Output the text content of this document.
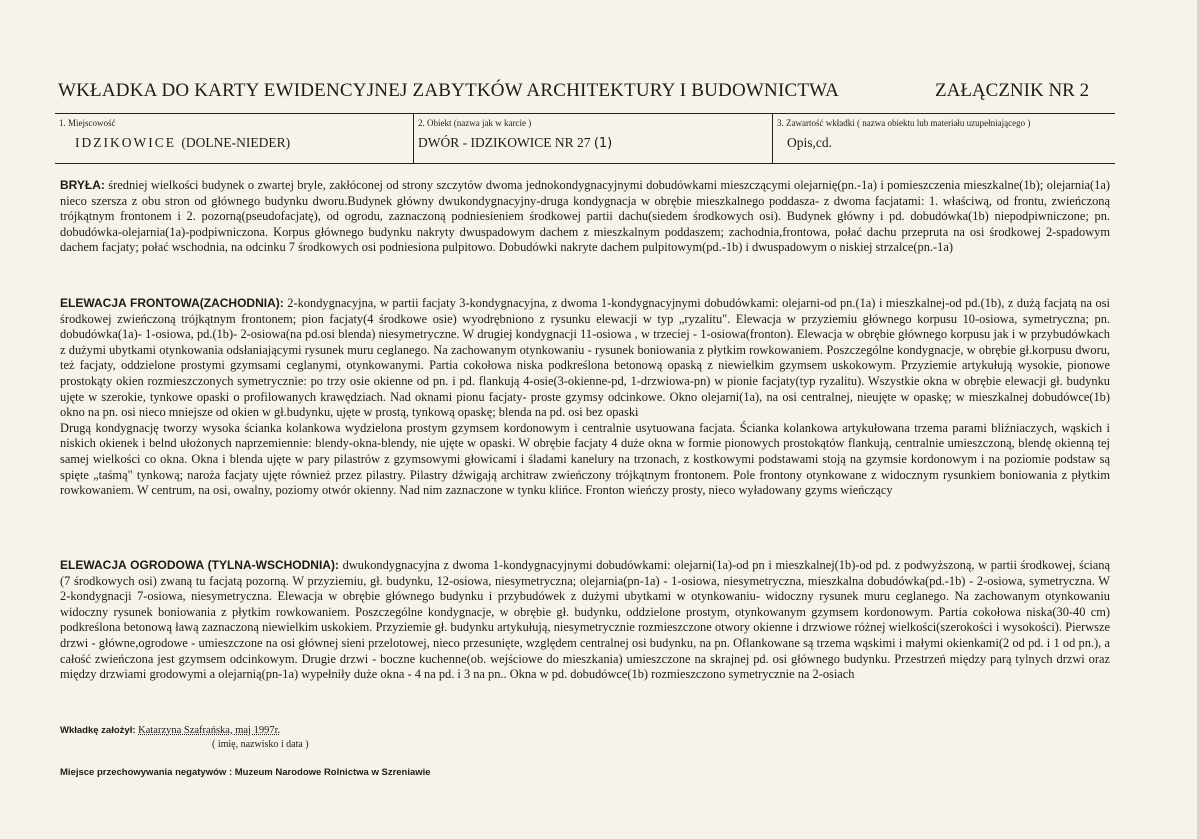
WKŁADKA DO KARTY EWIDENCYJNEJ ZABYTKÓW ARCHITEKTURY I BUDOWNICTWA	ZAŁĄCZNIK NR 2
1. Miejscowość
IDZIKOWICE (DOLNE-NIEDER)
2. Obiekt (nazwa jak w karcie )
DWÓR - IDZIKOWICE NR 27 (1)
3. Zawartość wkładki ( nazwa obiektu lub materiału uzupełniającego )
Opis,cd.

BRYŁA: średniej wielkości budynek o zwartej bryle, zakłóconej od strony szczytów dwoma jednokondygnacyjnymi dobudówkami mieszczącymi olejarnię(pn.-1a) i pomieszczenia mieszkalne(1b); olejarnia(1a) nieco szersza z obu stron od głównego budynku dworu.Budynek główny dwukondygnacyjny-druga kondygnacja w obrębie mieszkalnego poddasza- z dwoma facjatami: 1. właściwą, od frontu, zwieńczoną trójkątnym frontonem i 2. pozorną(pseudofacjatę), od ogrodu, zaznaczoną podniesieniem środkowej partii dachu(siedem środkowych osi). Budynek główny i pd. dobudówka(1b) niepodpiwniczone; pn. dobudówka-olejarnia(1a)-podpiwniczona. Korpus głównego budynku nakryty dwuspadowym dachem z mieszkalnym poddaszem; zachodnia,frontowa, połać dachu przepruta na osi środkowej 2-spadowym dachem facjaty; połać wschodnia, na odcinku 7 środkowych osi podniesiona pulpitowo. Dobudówki nakryte dachem pulpitowym(pd.-1b) i dwuspadowym o niskiej strzalce(pn.-1a)

ELEWACJA FRONTOWA(ZACHODNIA): 2-kondygnacyjna, w partii facjaty 3-kondygnacyjna, z dwoma 1-kondygnacyjnymi dobudówkami: olejarni-od pn.(1a) i mieszkalnej-od pd.(1b), z dużą facjatą na osi środkowej zwieńczoną trójkątnym frontonem; pion facjaty(4 środkowe osie) wyodrębniono z rysunku elewacji w typ „ryzalitu". Elewacja w przyziemiu głównego korpusu 10-osiowa, symetryczna; pn. dobudówka(1a)- 1-osiowa, pd.(1b)- 2-osiowa(na pd.osi blenda) niesymetryczne. W drugiej kondygnacji 11-osiowa , w trzeciej - 1-osiowa(fronton). Elewacja w obrębie głównego korpusu jak i w przybudówkach z dużymi ubytkami otynkowania odsłaniającymi rysunek muru ceglanego. Na zachowanym otynkowaniu - rysunek boniowania z płytkim rowkowaniem. Poszczególne kondygnacje, w obrębie gł.korpusu dworu, też facjaty, oddzielone prostymi gzymsami ceglanymi, otynkowanymi. Partia cokołowa niska podkreślona betonową opaską z niewielkim gzymsem uskokowym. Przyziemie artykułują wysokie, pionowe prostokąty okien rozmieszczonych symetrycznie: po trzy osie okienne od pn. i pd. flankują 4-osie(3-okienne-pd, 1-drzwiowa-pn) w pionie facjaty(typ ryzalitu). Wszystkie okna w obrębie elewacji gł. budynku ujęte w szerokie, tynkowe opaski o profilowanych krawędziach. Nad oknami pionu facjaty- proste gzymsy odcinkowe. Okno olejarni(1a), na osi centralnej, nieujęte w opaskę; w mieszkalnej dobudówce(1b) okno na pn. osi nieco mniejsze od okien w gł.budynku, ujęte w prostą, tynkową opaskę; blenda na pd. osi bez opaski

Drugą kondygnację tworzy wysoka ścianka kolankowa wydzielona prostym gzymsem kordonowym i centralnie usytuowana facjata. Ścianka kolankowa artykułowana trzema parami bliźniaczych, wąskich i niskich okienek i belnd ułożonych naprzemiennie: blendy-okna-blendy, nie ujęte w opaski. W obrębie facjaty 4 duże okna w formie pionowych prostokątów flankują, centralnie umieszczoną, blendę okienną tej samej wielkości co okna. Okna i blenda ujęte w pary pilastrów z gzymsowymi głowicami i śladami kanelury na trzonach, z kostkowymi podstawami stoją na gzymsie kordonowym i na poziomie podstaw są spięte „taśmą" tynkową; naroża facjaty ujęte również przez pilastry. Pilastry dźwigają architraw zwieńczony trójkątnym frontonem. Pole frontony otynkowane z widocznym rysunkiem boniowania z płytkim rowkowaniem. W centrum, na osi, owalny, poziomy otwór okienny. Nad nim zaznaczone w tynku klińce. Fronton wieńczy prosty, nieco wyładowany gzyms wieńczący

ELEWACJA OGRODOWA (TYLNA-WSCHODNIA): dwukondygnacyjna z dwoma 1-kondygnacyjnymi dobudówkami: olejarni(1a)-od pn i mieszkalnej(1b)-od pd. z podwyższoną, w partii środkowej, ścianą (7 środkowych osi) zwaną tu facjatą pozorną. W przyziemiu, gł. budynku, 12-osiowa, niesymetryczna; olejarnia(pn-1a) - 1-osiowa, niesymetryczna, mieszkalna dobudówka(pd.-1b) - 2-osiowa, symetryczna. W 2-kondygnacji 7-osiowa, niesymetryczna. Elewacja w obrębie głównego budynku i przybudówek z dużymi ubytkami w otynkowaniu- widoczny rysunek muru ceglanego. Na zachowanym otynkowaniu widoczny rysunek boniowania z płytkim rowkowaniem. Poszczególne kondygnacje, w obrębie gł. budynku, oddzielone prostym, otynkowanym gzymsem kordonowym. Partia cokołowa niska(30-40 cm) podkreślona betonową ławą zaznaczoną niewielkim uskokiem. Przyziemie gł. budynku artykułują, niesymetrycznie rozmieszczone otwory okienne i drzwiowe różnej wielkości(szerokości i wysokości). Pierwsze drzwi - główne,ogrodowe - umieszczone na osi głównej sieni przelotowej, nieco przesunięte, względem centralnej osi budynku, na pn. Oflankowane są trzema wąskimi i małymi okienkami(2 od pd. i 1 od pn.), a całość zwieńczona jest gzymsem odcinkowym. Drugie drzwi - boczne kuchenne(ob. wejściowe do mieszkania) umieszczone na skrajnej pd. osi głównego budynku. Przestrzeń między parą tylnych drzwi oraz między drzwiami grodowymi a olejarnią(pn-1a) wypełniły duże okna - 4 na pd. i 3 na pn.. Okna w pd. dobudówce(1b) rozmieszczono symetrycznie na 2-osiach

Wkładkę założył: Katarzyna Szafrańska, maj 1997r.
( imię, nazwisko i data )
Miejsce przechowywania negatywów : Muzeum Narodowe Rolnictwa w Szreniawie
